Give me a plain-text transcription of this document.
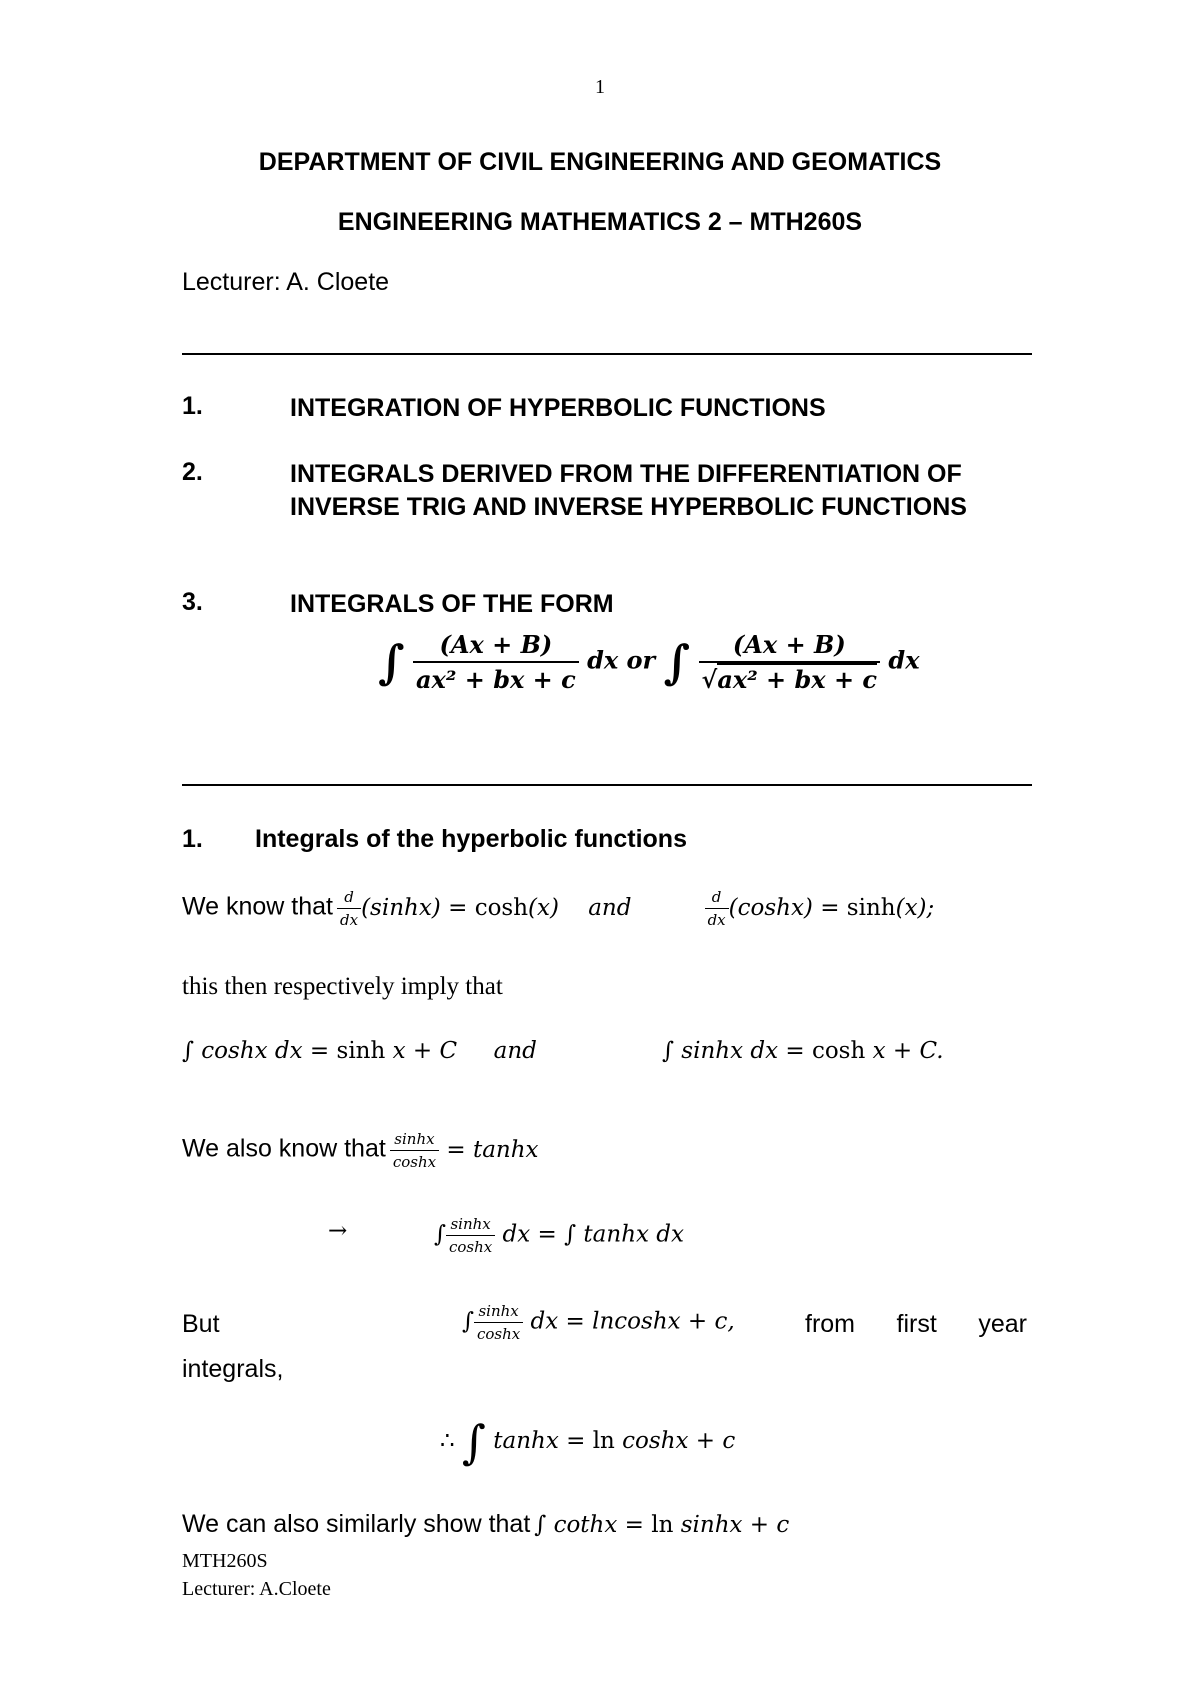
1
DEPARTMENT OF CIVIL ENGINEERING AND GEOMATICS
ENGINEERING MATHEMATICS 2 – MTH260S
Lecturer: A. Cloete
1.	INTEGRATION OF HYPERBOLIC FUNCTIONS
2.	INTEGRALS DERIVED FROM THE DIFFERENTIATION OF INVERSE TRIG AND INVERSE HYPERBOLIC FUNCTIONS
3.	INTEGRALS OF THE FORM
∫ $\frac{(Ax + B)}{\text{ax² + bx + c}}$ dx or ∫ $\frac{(Ax + B)}{\text{√ax² + bx + c}}$ dx
1. Integrals of the hyperbolic functions
We know that $\frac{d}{dx} (\sinh x) = \cosh(x)$    and $\frac{d}{dx} (\cosh x) = \sinh(x)$;
this then respectively imply that
∫ coshx dx = sinh x + C     and	∫ sinhx dx = cosh x + C.
We also know that $\frac{\sinh x}{\cosh x} = \tanh x$
→	∫ $\frac{\sinh x}{\cosh x}$ dx = ∫ tanhx dx
But	∫ $\frac{\sinh x}{\cosh x}$ dx = lncoshx + c,	from first year
integrals,
∴ ∫ tanhx = ln coshx + c
We can also similarly show that ∫ cothx = ln sinhx + c
MTH260S
Lecturer: A.Cloete
